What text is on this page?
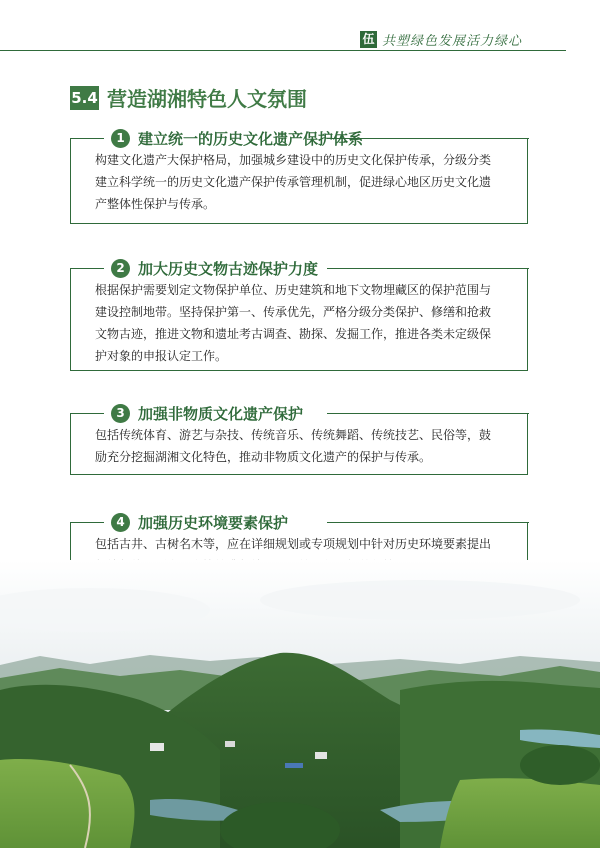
伍 共塑绿色发展活力绿心
5.4 营造湖湘特色人文氛围
1 建立统一的历史文化遗产保护体系
构建文化遗产大保护格局，加强城乡建设中的历史文化保护传承，分级分类
建立科学统一的历史文化遗产保护传承管理机制，促进绿心地区历史文化遗
产整体性保护与传承。
2 加大历史文物古迹保护力度
根据保护需要划定文物保护单位、历史建筑和地下文物埋藏区的保护范围与
建设控制地带。坚持保护第一、传承优先，严格分级分类保护、修缮和抢救
文物古迹，推进文物和遗址考古调查、勘探、发掘工作，推进各类未定级保
护对象的申报认定工作。
3 加强非物质文化遗产保护
包括传统体育、游艺与杂技、传统音乐、传统舞蹈、传统技艺、民俗等，鼓
励充分挖掘湖湘文化特色，推动非物质文化遗产的保护与传承。
4 加强历史环境要素保护
包括古井、古树名木等，应在详细规划或专项规划中针对历史环境要素提出
